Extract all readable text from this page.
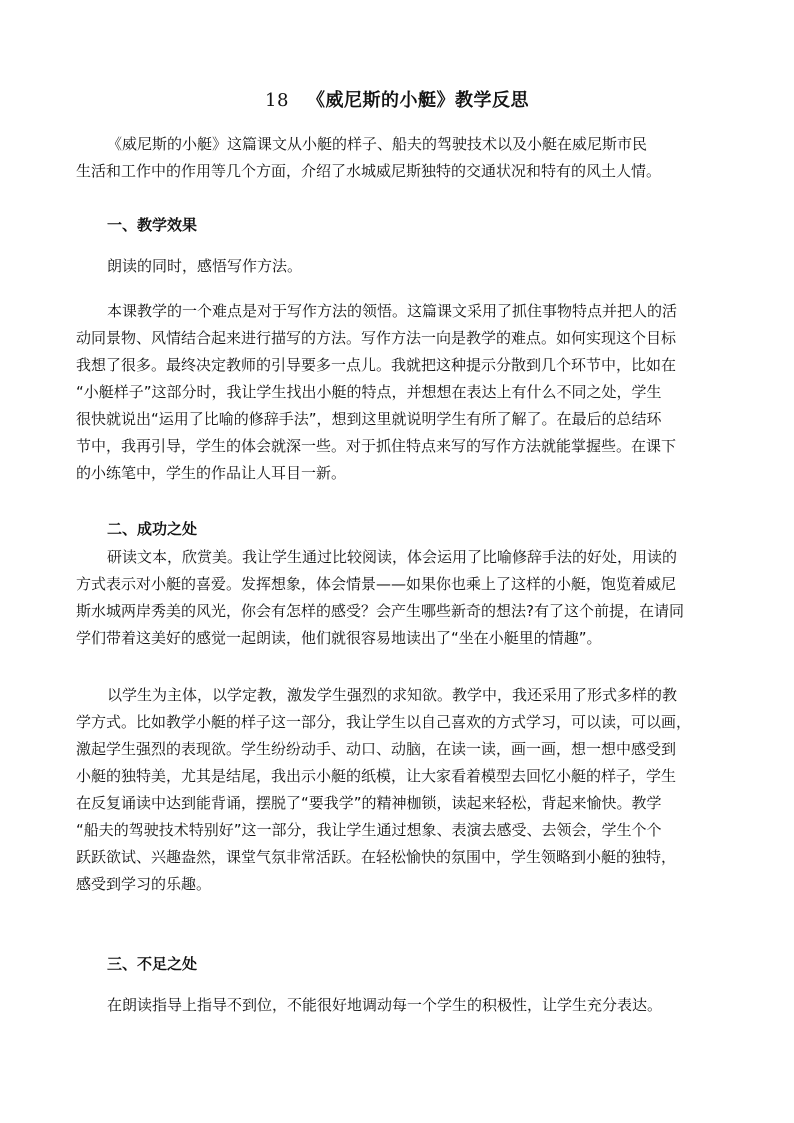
18 《威尼斯的小艇》教学反思
《威尼斯的小艇》这篇课文从小艇的样子、船夫的驾驶技术以及小艇在威尼斯市民
生活和工作中的作用等几个方面，介绍了水城威尼斯独特的交通状况和特有的风土人情。
一、教学效果
朗读的同时，感悟写作方法。
本课教学的一个难点是对于写作方法的领悟。这篇课文采用了抓住事物特点并把人的活
动同景物、风情结合起来进行描写的方法。写作方法一向是教学的难点。如何实现这个目标
我想了很多。最终决定教师的引导要多一点儿。我就把这种提示分散到几个环节中，比如在
“小艇样子”这部分时，我让学生找出小艇的特点，并想想在表达上有什么不同之处，学生
很快就说出“运用了比喻的修辞手法”，想到这里就说明学生有所了解了。在最后的总结环
节中，我再引导，学生的体会就深一些。对于抓住特点来写的写作方法就能掌握些。在课下
的小练笔中，学生的作品让人耳目一新。
二、成功之处
研读文本，欣赏美。我让学生通过比较阅读，体会运用了比喻修辞手法的好处，用读的
方式表示对小艇的喜爱。发挥想象，体会情景——如果你也乘上了这样的小艇，饱览着威尼
斯水城两岸秀美的风光，你会有怎样的感受？会产生哪些新奇的想法?有了这个前提，在请同
学们带着这美好的感觉一起朗读，他们就很容易地读出了“坐在小艇里的情趣”。
以学生为主体，以学定教，激发学生强烈的求知欲。教学中，我还采用了形式多样的教
学方式。比如教学小艇的样子这一部分，我让学生以自己喜欢的方式学习，可以读，可以画，
激起学生强烈的表现欲。学生纷纷动手、动口、动脑，在读一读，画一画，想一想中感受到
小艇的独特美，尤其是结尾，我出示小艇的纸模，让大家看着模型去回忆小艇的样子，学生
在反复诵读中达到能背诵，摆脱了“要我学”的精神枷锁，读起来轻松，背起来愉快。教学
“船夫的驾驶技术特别好”这一部分，我让学生通过想象、表演去感受、去领会，学生个个
跃跃欲试、兴趣盎然，课堂气氛非常活跃。在轻松愉快的氛围中，学生领略到小艇的独特，
感受到学习的乐趣。
三、不足之处
在朗读指导上指导不到位，不能很好地调动每一个学生的积极性，让学生充分表达。
